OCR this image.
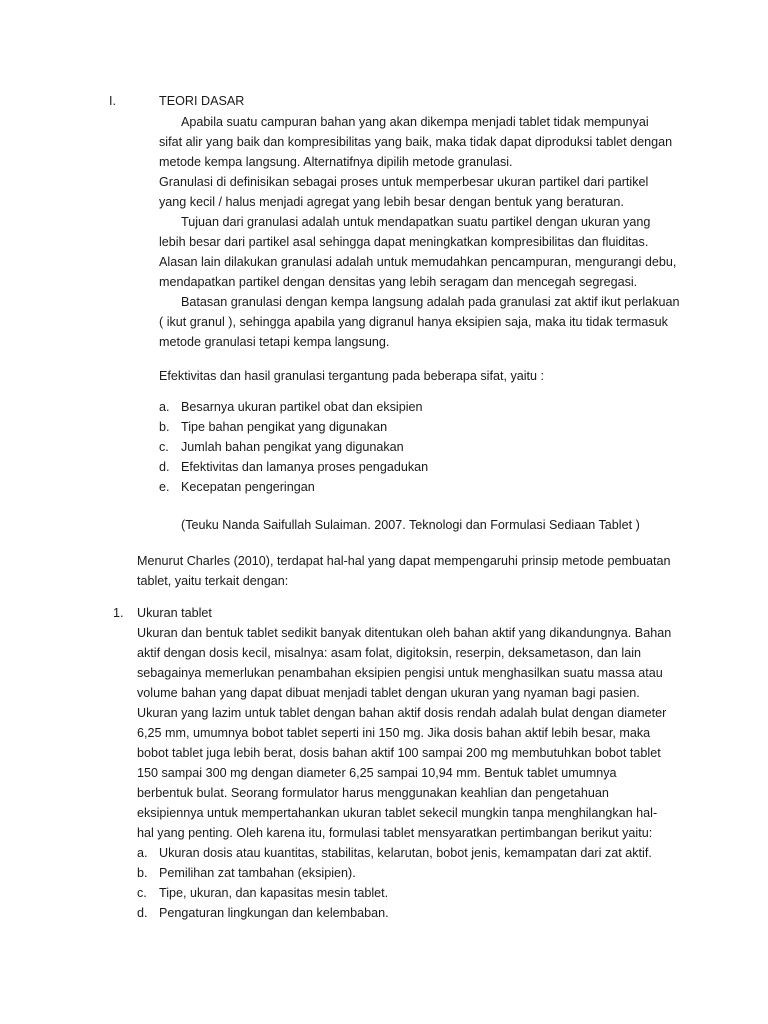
I.	TEORI DASAR
Apabila suatu campuran bahan yang akan dikempa menjadi tablet tidak mempunyai
sifat alir yang baik dan kompresibilitas yang baik, maka tidak dapat diproduksi tablet dengan
metode kempa langsung. Alternatifnya dipilih metode granulasi.
Granulasi di definisikan sebagai proses untuk memperbesar ukuran partikel dari partikel
yang kecil / halus menjadi agregat yang lebih besar dengan bentuk yang beraturan.
Tujuan dari granulasi adalah untuk mendapatkan suatu partikel dengan ukuran yang
lebih besar dari partikel asal sehingga dapat meningkatkan kompresibilitas dan fluiditas.
Alasan lain dilakukan granulasi adalah untuk memudahkan pencampuran, mengurangi debu,
mendapatkan partikel dengan densitas yang lebih seragam dan mencegah segregasi.
Batasan granulasi dengan kempa langsung adalah pada granulasi zat aktif ikut perlakuan
( ikut granul ), sehingga apabila yang digranul hanya eksipien saja, maka itu tidak termasuk
metode granulasi tetapi kempa langsung.
Efektivitas dan hasil granulasi tergantung pada beberapa sifat, yaitu :
a. Besarnya ukuran partikel obat dan eksipien
b. Tipe bahan pengikat yang digunakan
c. Jumlah bahan pengikat yang digunakan
d. Efektivitas dan lamanya proses pengadukan
e. Kecepatan pengeringan
(Teuku Nanda Saifullah Sulaiman. 2007. Teknologi dan Formulasi Sediaan Tablet )
Menurut Charles (2010), terdapat hal-hal yang dapat mempengaruhi prinsip metode pembuatan
tablet, yaitu terkait dengan:
1. Ukuran tablet
Ukuran dan bentuk tablet sedikit banyak ditentukan oleh bahan aktif yang dikandungnya. Bahan
aktif dengan dosis kecil, misalnya: asam folat, digitoksin, reserpin, deksametason, dan lain
sebagainya memerlukan penambahan eksipien pengisi untuk menghasilkan suatu massa atau
volume bahan yang dapat dibuat menjadi tablet dengan ukuran yang nyaman bagi pasien.
Ukuran yang lazim untuk tablet dengan bahan aktif dosis rendah adalah bulat dengan diameter
6,25 mm, umumnya bobot tablet seperti ini 150 mg. Jika dosis bahan aktif lebih besar, maka
bobot tablet juga lebih berat, dosis bahan aktif 100 sampai 200 mg membutuhkan bobot tablet
150 sampai 300 mg dengan diameter 6,25 sampai 10,94 mm. Bentuk tablet umumnya
berbentuk bulat. Seorang formulator harus menggunakan keahlian dan pengetahuan
eksipiennya untuk mempertahankan ukuran tablet sekecil mungkin tanpa menghilangkan hal-
hal yang penting. Oleh karena itu, formulasi tablet mensyaratkan pertimbangan berikut yaitu:
a. Ukuran dosis atau kuantitas, stabilitas, kelarutan, bobot jenis, kemampatan dari zat aktif.
b. Pemilihan zat tambahan (eksipien).
c. Tipe, ukuran, dan kapasitas mesin tablet.
d. Pengaturan lingkungan dan kelembaban.
